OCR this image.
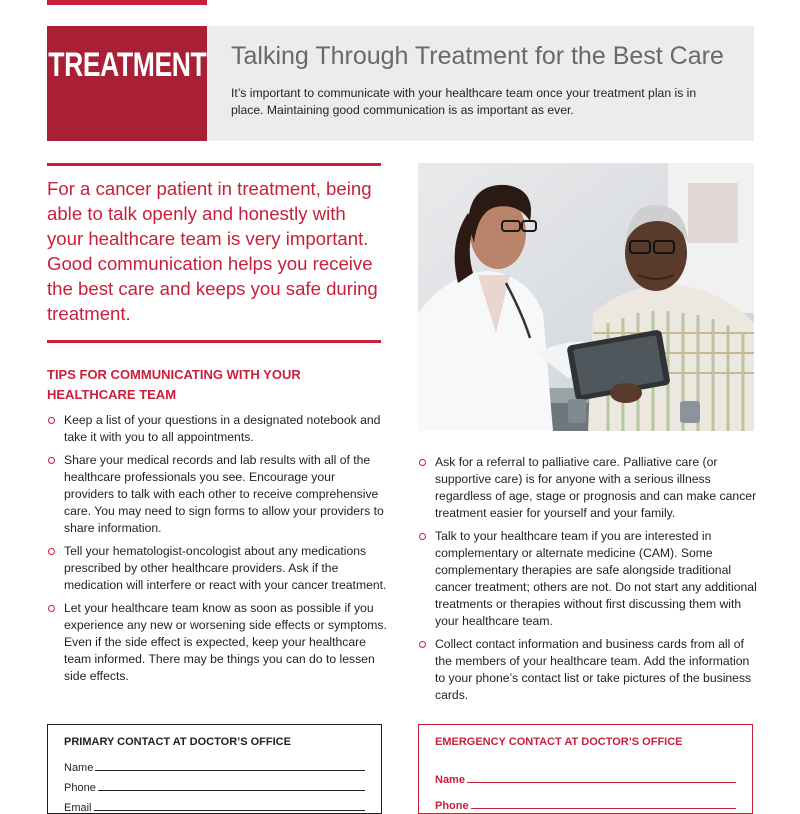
TREATMENT Talking Through Treatment for the Best Care

It’s important to communicate with your healthcare team once your treatment plan is in place. Maintaining good communication is as important as ever.

For a cancer patient in treatment, being able to talk openly and honestly with your healthcare team is very important. Good communication helps you receive the best care and keeps you safe during treatment.

TIPS FOR COMMUNICATING WITH YOUR HEALTHCARE TEAM
Keep a list of your questions in a designated notebook and take it with you to all appointments.
Share your medical records and lab results with all of the healthcare professionals you see. Encourage your providers to talk with each other to receive comprehensive care. You may need to sign forms to allow your providers to share information.
Tell your hematologist-oncologist about any medications prescribed by other healthcare providers. Ask if the medication will interfere or react with your cancer treatment.
Let your healthcare team know as soon as possible if you experience any new or worsening side effects or symptoms. Even if the side effect is expected, keep your healthcare team informed. There may be things you can do to lessen side effects.
Ask for a referral to palliative care. Palliative care (or supportive care) is for anyone with a serious illness regardless of age, stage or prognosis and can make cancer treatment easier for yourself and your family.
Talk to your healthcare team if you are interested in complementary or alternate medicine (CAM). Some complementary therapies are safe alongside traditional cancer treatment; others are not. Do not start any additional treatments or therapies without first discussing them with your healthcare team.
Collect contact information and business cards from all of the members of your healthcare team. Add the information to your phone’s contact list or take pictures of the business cards.
PRIMARY CONTACT AT DOCTOR’S OFFICE
Name
Phone
Email
EMERGENCY CONTACT AT DOCTOR’S OFFICE
Name
Phone
